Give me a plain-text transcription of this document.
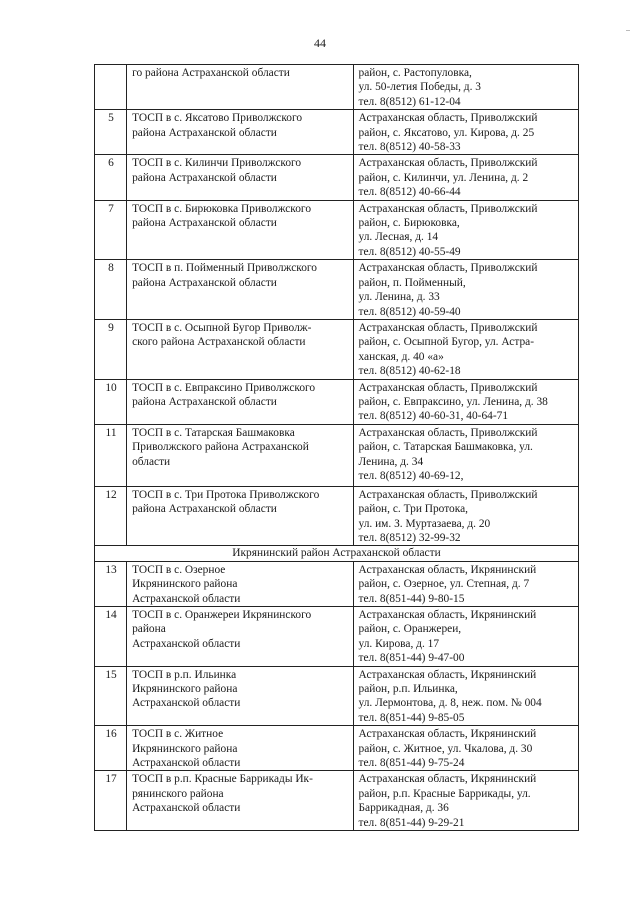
44
	го района Астраханской области	район, с. Растопуловка,
ул. 50-летия Победы, д. 3
тел. 8(8512) 61-12-04
5	ТОСП в с. Яксатово Приволжского
района Астраханской области	Астраханская область, Приволжский
район, с. Яксатово, ул. Кирова, д. 25
тел. 8(8512) 40-58-33
6	ТОСП в с. Килинчи Приволжского
района Астраханской области	Астраханская область, Приволжский
район, с. Килинчи, ул. Ленина, д. 2
тел. 8(8512) 40-66-44
7	ТОСП в с. Бирюковка Приволжского
района Астраханской области	Астраханская область, Приволжский
район, с. Бирюковка,
ул. Лесная, д. 14
тел. 8(8512) 40-55-49
8	ТОСП в п. Пойменный Приволжского
района Астраханской области	Астраханская область, Приволжский
район, п. Пойменный,
ул. Ленина, д. 33
тел. 8(8512) 40-59-40
9	ТОСП в с. Осыпной Бугор Приволж-
ского района Астраханской области	Астраханская область, Приволжский
район, с. Осыпной Бугор, ул. Астра-
ханская, д. 40 «а»
тел. 8(8512) 40-62-18
10	ТОСП в с. Евпраксино Приволжского
района Астраханской области	Астраханская область, Приволжский
район, с. Евпраксино, ул. Ленина, д. 38
тел. 8(8512) 40-60-31, 40-64-71
11	ТОСП в с. Татарская Башмаковка
Приволжского района Астраханской
области	Астраханская область, Приволжский
район, с. Татарская Башмаковка, ул.
Ленина, д. 34
тел. 8(8512) 40-69-12,
12	ТОСП в с. Три Протока Приволжского
района Астраханской области	Астраханская область, Приволжский
район, с. Три Протока,
ул. им. З. Муртазаева, д. 20
тел. 8(8512) 32-99-32
Икрянинский район Астраханской области		
13	ТОСП в с. Озерное
Икрянинского района
Астраханской области	Астраханская область, Икрянинский
район, с. Озерное, ул. Степная, д. 7
тел. 8(851-44) 9-80-15
14	ТОСП в с. Оранжереи Икрянинского
района
Астраханской области	Астраханская область, Икрянинский
район, с. Оранжереи,
ул. Кирова, д. 17
тел. 8(851-44) 9-47-00
15	ТОСП в р.п. Ильинка
Икрянинского района
Астраханской области	Астраханская область, Икрянинский
район, р.п. Ильинка,
ул. Лермонтова, д. 8, неж. пом. № 004
тел. 8(851-44) 9-85-05
16	ТОСП в с. Житное
Икрянинского района
Астраханской области	Астраханская область, Икрянинский
район, с. Житное, ул. Чкалова, д. 30
тел. 8(851-44) 9-75-24
17	ТОСП в р.п. Красные Баррикады Ик-
рянинского района
Астраханской области	Астраханская область, Икрянинский
район, р.п. Красные Баррикады, ул.
Баррикадная, д. 36
тел. 8(851-44) 9-29-21
